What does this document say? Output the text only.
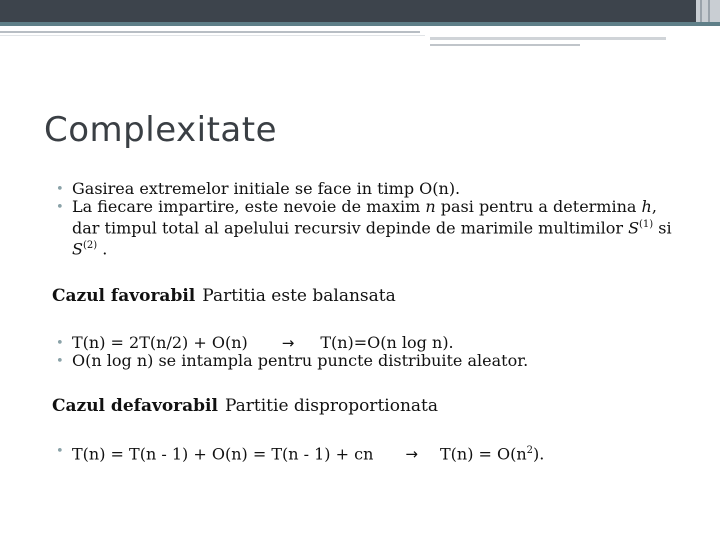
Complexitate
• Gasirea extremelor initiale se face in timp O(n).
• La fiecare impartire, este nevoie de maxim n pasi pentru a determina h, dar timpul total al apelului recursiv depinde de marimile multimilor $S^{(1)}$ si $S^{(2)}$ .

Cazul favorabil Partitia este balansata

• T(n) = 2T(n/2) + O(n) → T(n)=O(n log n).
• O(n log n) se intampla pentru puncte distribuite aleator.

Cazul defavorabil Partitie disproportionata

• T(n) = T(n - 1) + O(n) = T(n - 1) + cn → $T(n) = O(n^2)$.
